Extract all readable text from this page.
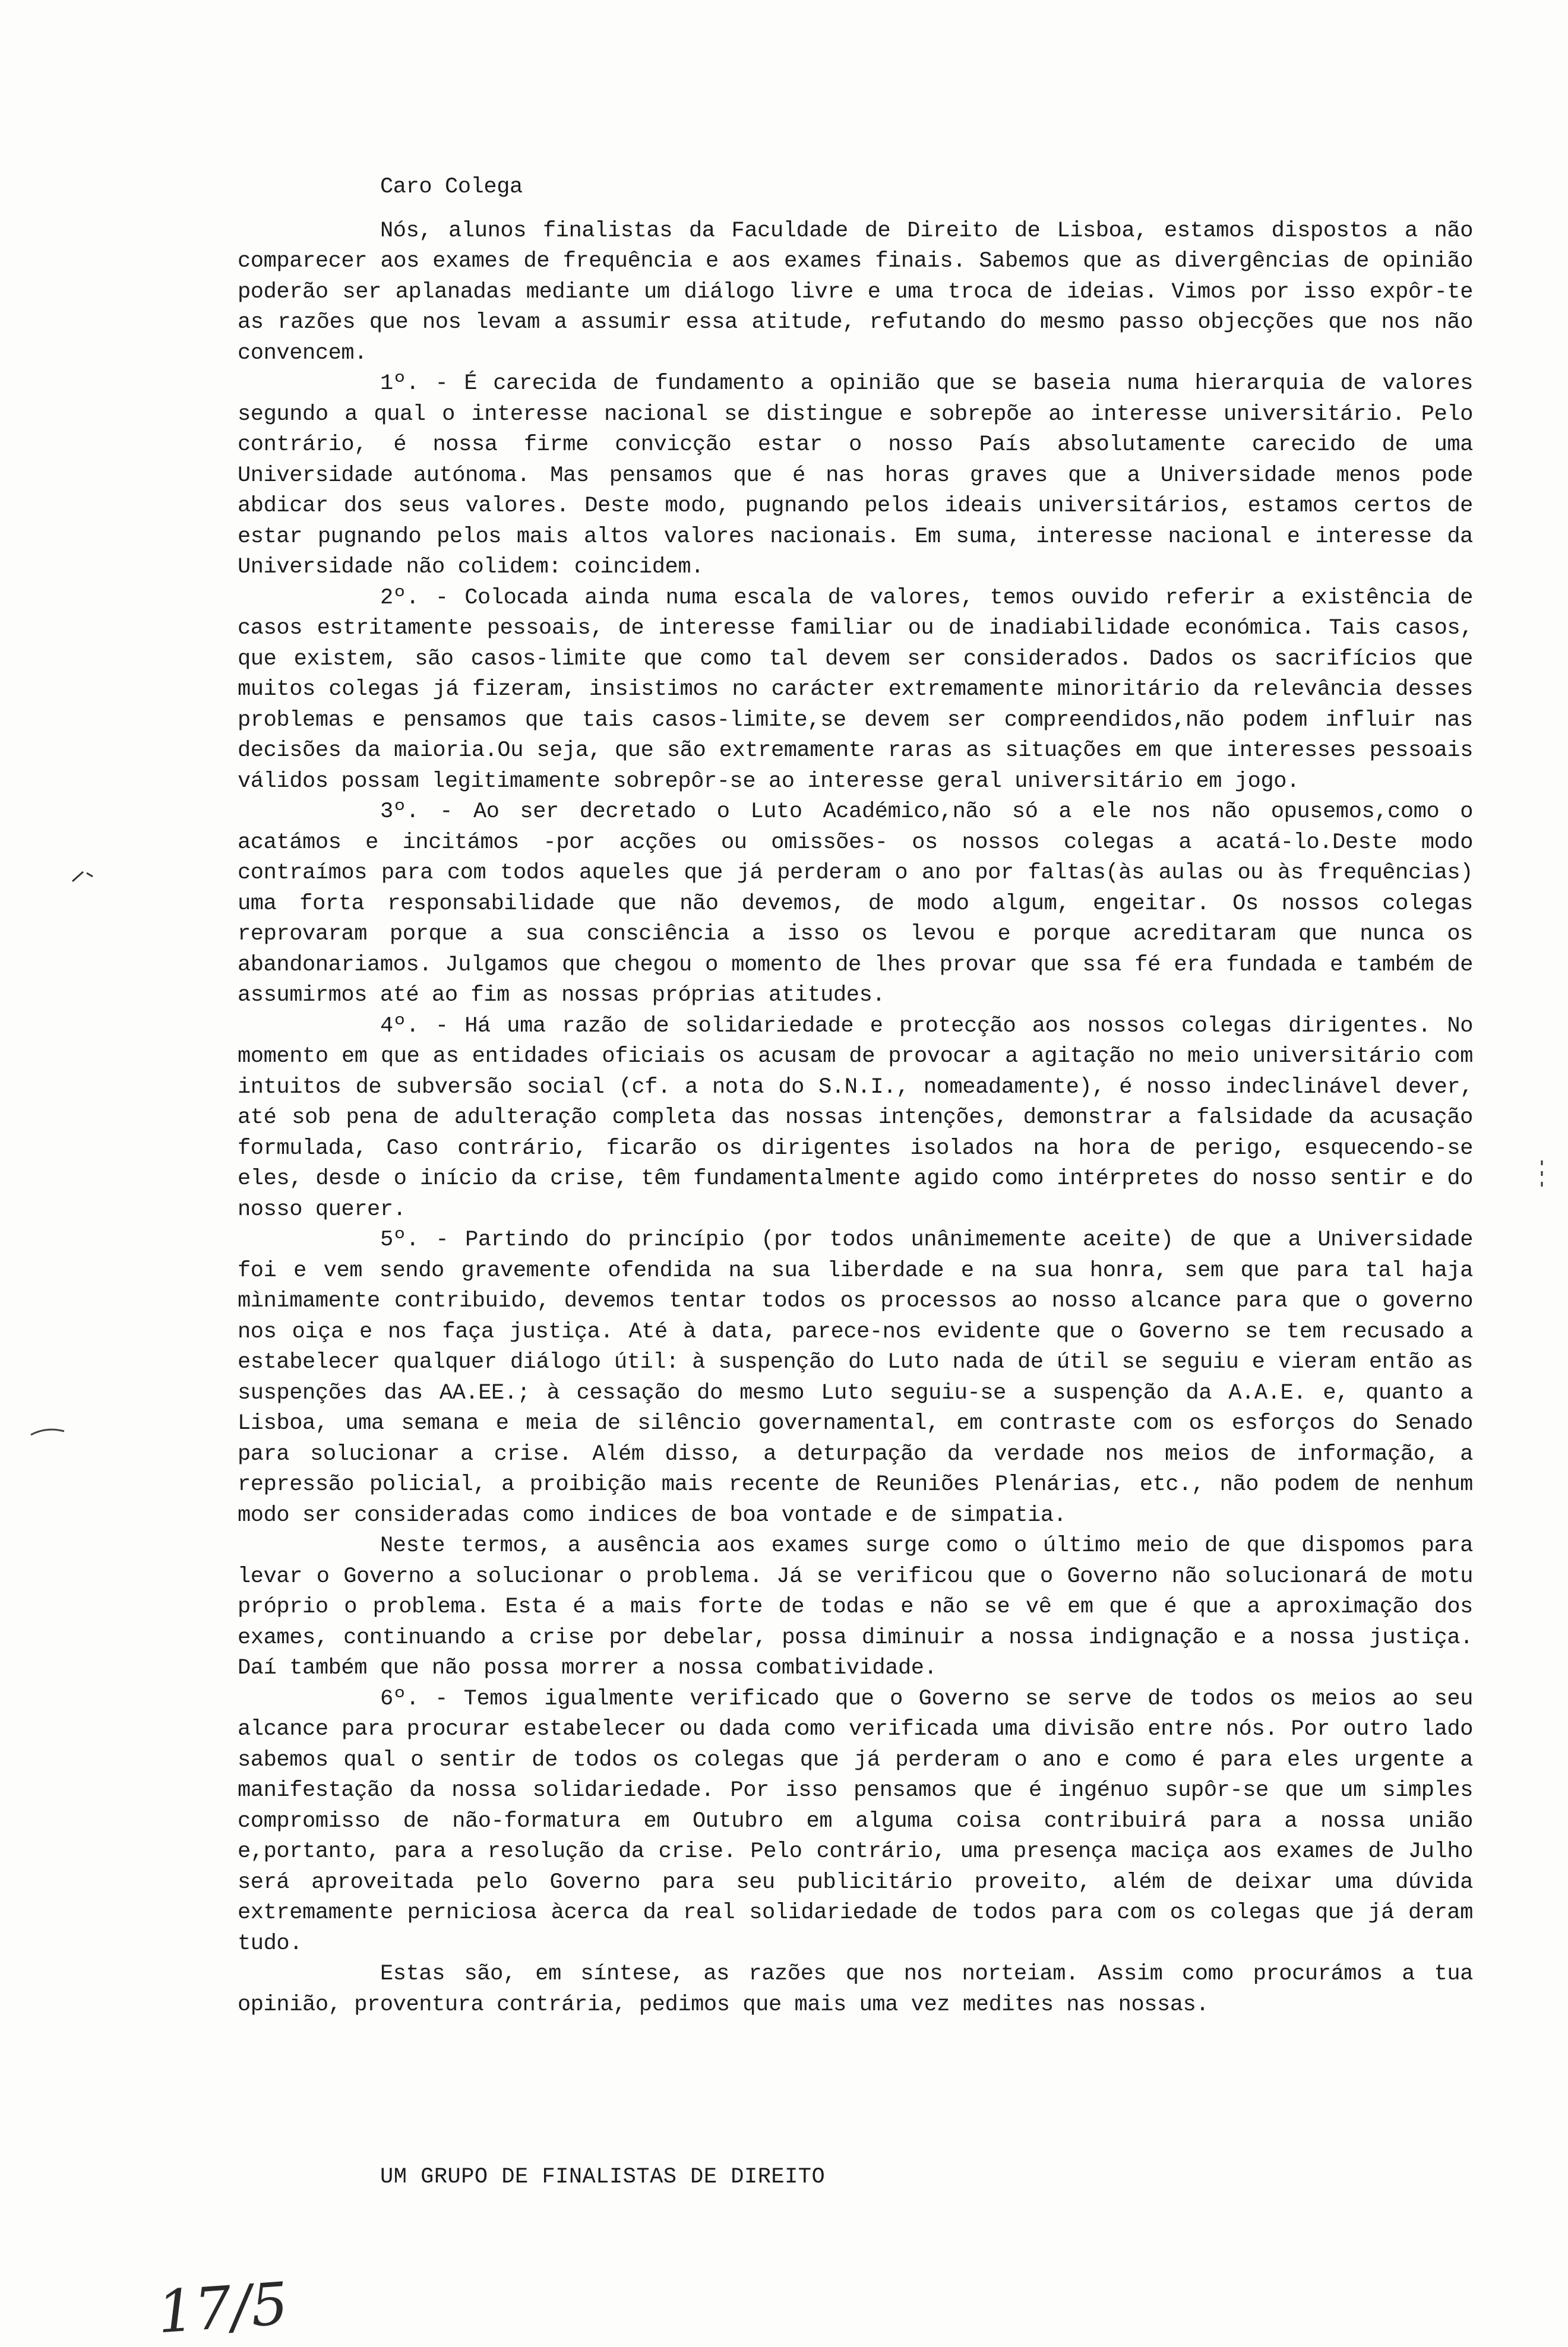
Caro Colega

Nós, alunos finalistas da Faculdade de Direito de Lisboa, estamos dispostos a não comparecer aos exames de frequência e aos exames finais. Sabemos que as divergências de opinião poderão ser aplanadas mediante um diálogo livre e uma troca de ideias. Vimos por isso expôr-te as razões que nos levam a assumir essa atitude, refutando do mesmo passo objecções que nos não convencem.

1º. - É carecida de fundamento a opinião que se baseia numa hierarquia de valores segundo a qual o interesse nacional se distingue e sobrepõe ao interesse universitário. Pelo contrário, é nossa firme convicção estar o nosso País absolutamente carecido de uma Universidade autónoma. Mas pensamos que é nas horas graves que a Universidade menos pode abdicar dos seus valores. Deste modo, pugnando pelos ideais universitários, estamos certos de estar pugnando pelos mais altos valores nacionais. Em suma, interesse nacional e interesse da Universidade não colidem: coincidem.

2º. - Colocada ainda numa escala de valores, temos ouvido referir a existência de casos estritamente pessoais, de interesse familiar ou de inadiabilidade económica. Tais casos, que existem, são casos-limite que como tal devem ser considerados. Dados os sacrifícios que muitos colegas já fizeram, insistimos no carácter extremamente minoritário da relevância desses problemas e pensamos que tais casos-limite,se devem ser compreendidos,não podem influir nas decisões da maioria.Ou seja, que são extremamente raras as situações em que interesses pessoais válidos possam legitimamente sobrepôr-se ao interesse geral universitário em jogo.

3º. - Ao ser decretado o Luto Académico,não só a ele nos não opusemos,como o acatámos e incitámos -por acções ou omissões- os nossos colegas a acatá-lo.Deste modo contraímos para com todos aqueles que já perderam o ano por faltas(às aulas ou às frequências) uma forta responsabilidade que não devemos, de modo algum, engeitar. Os nossos colegas reprovaram porque a sua consciência a isso os levou e porque acreditaram que nunca os abandonariamos. Julgamos que chegou o momento de lhes provar que ssa fé era fundada e também de assumirmos até ao fim as nossas próprias atitudes.

4º. - Há uma razão de solidariedade e protecção aos nossos colegas dirigentes. No momento em que as entidades oficiais os acusam de provocar a agitação no meio universitário com intuitos de subversão social (cf. a nota do S.N.I., nomeadamente), é nosso indeclinável dever, até sob pena de adulteração completa das nossas intenções, demonstrar a falsidade da acusação formulada, Caso contrário, ficarão os dirigentes isolados na hora de perigo, esquecendo-se eles, desde o início da crise, têm fundamentalmente agido como intérpretes do nosso sentir e do nosso querer.

5º. - Partindo do princípio (por todos unânimemente aceite) de que a Universidade foi e vem sendo gravemente ofendida na sua liberdade e na sua honra, sem que para tal haja mìnimamente contribuido, devemos tentar todos os processos ao nosso alcance para que o governo nos oiça e nos faça justiça. Até à data, parece-nos evidente que o Governo se tem recusado a estabelecer qualquer diálogo útil: à suspenção do Luto nada de útil se seguiu e vieram então as suspenções das AA.EE.; à cessação do mesmo Luto seguiu-se a suspenção da A.A.E. e, quanto a Lisboa, uma semana e meia de silêncio governamental, em contraste com os esforços do Senado para solucionar a crise. Além disso, a deturpação da verdade nos meios de informação, a repressão policial, a proibição mais recente de Reuniões Plenárias, etc., não podem de nenhum modo ser consideradas como indices de boa vontade e de simpatia.

Neste termos, a ausência aos exames surge como o último meio de que dispomos para levar o Governo a solucionar o problema. Já se verificou que o Governo não solucionará de motu próprio o problema. Esta é a mais forte de todas e não se vê em que é que a aproximação dos exames, continuando a crise por debelar, possa diminuir a nossa indignação e a nossa justiça. Daí também que não possa morrer a nossa combatividade.

6º. - Temos igualmente verificado que o Governo se serve de todos os meios ao seu alcance para procurar estabelecer ou dada como verificada uma divisão entre nós. Por outro lado sabemos qual o sentir de todos os colegas que já perderam o ano e como é para eles urgente a manifestação da nossa solidariedade. Por isso pensamos que é ingénuo supôr-se que um simples compromisso de não-formatura em Outubro em alguma coisa contribuirá para a nossa união e,portanto, para a resolução da crise. Pelo contrário, uma presença maciça aos exames de Julho será aproveitada pelo Governo para seu publicitário proveito, além de deixar uma dúvida extremamente perniciosa àcerca da real solidariedade de todos para com os colegas que já deram tudo.

Estas são, em síntese, as razões que nos norteiam. Assim como procurámos a tua opinião, proventura contrária, pedimos que mais uma vez medites nas nossas.

UM GRUPO DE FINALISTAS DE DIREITO
17/5
